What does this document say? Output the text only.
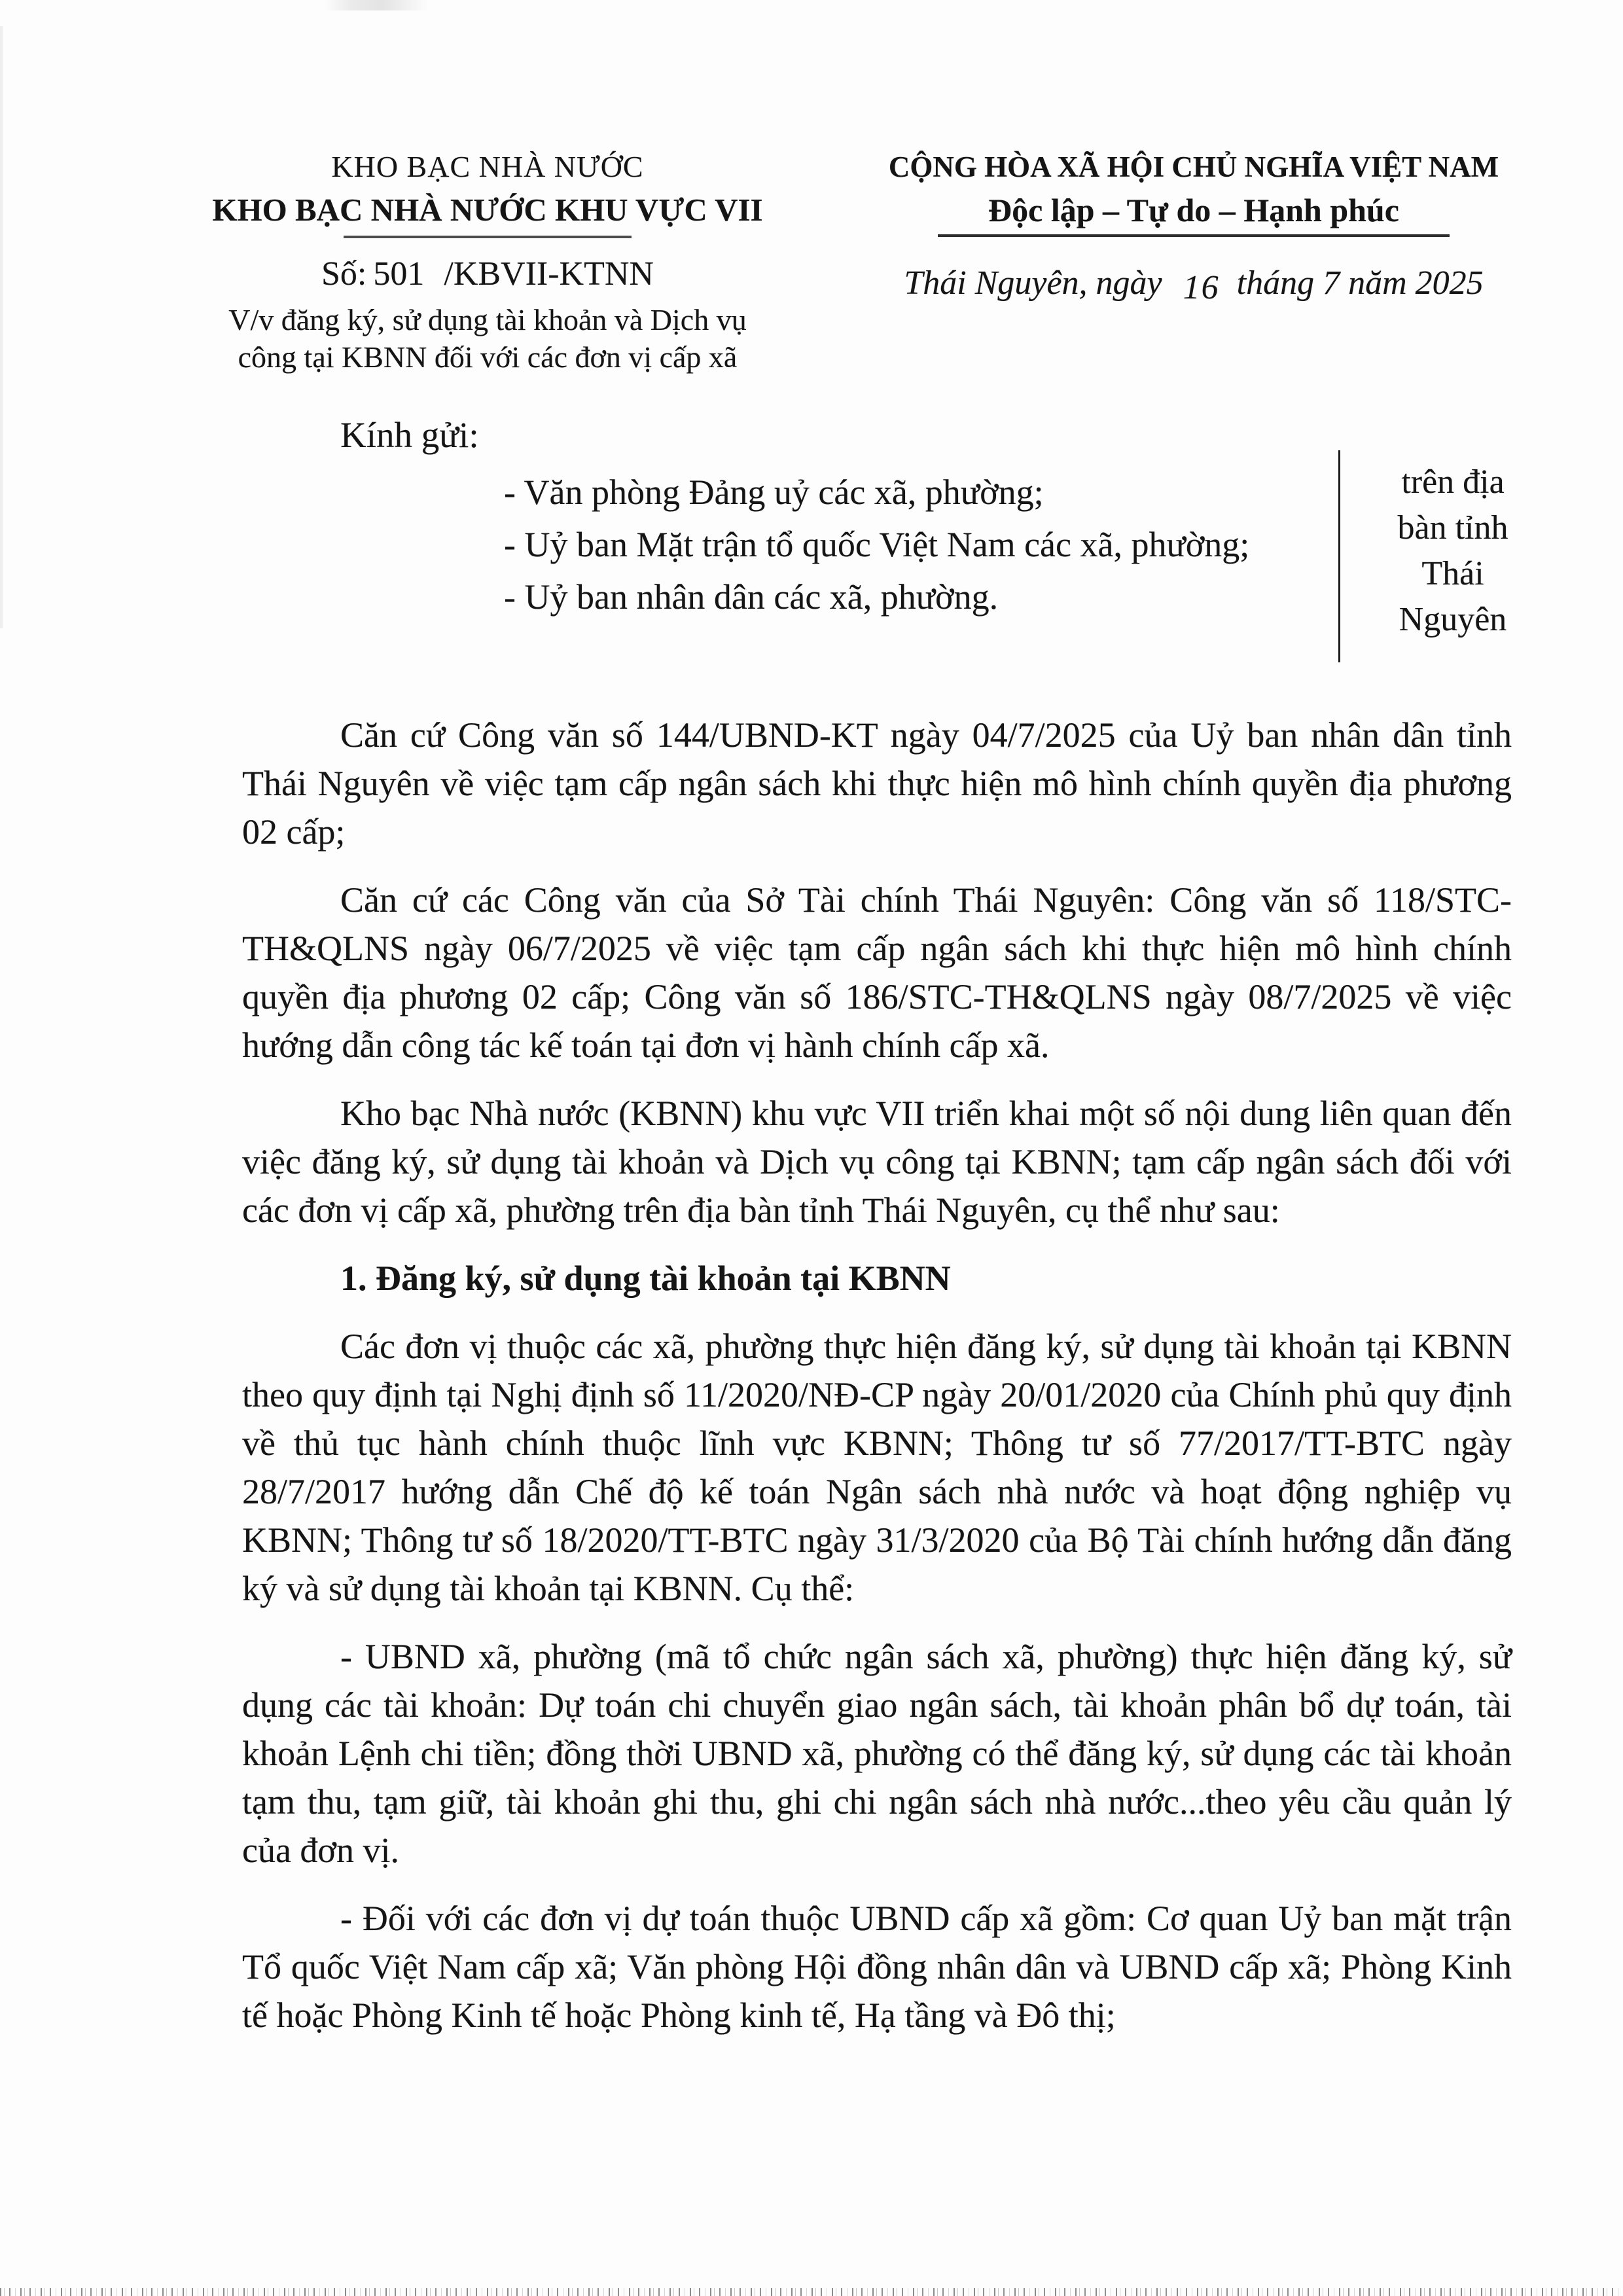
KHO BẠC NHÀ NƯỚC
KHO BẠC NHÀ NƯỚC KHU VỰC VII
Số: 501 /KBVII-KTNN
V/v đăng ký, sử dụng tài khoản và Dịch vụ
công tại KBNN đối với các đơn vị cấp xã
CỘNG HÒA XÃ HỘI CHỦ NGHĨA VIỆT NAM
Độc lập – Tự do – Hạnh phúc
Thái Nguyên, ngày 16 tháng 7 năm 2025
Kính gửi:
- Văn phòng Đảng uỷ các xã, phường;
- Uỷ ban Mặt trận tổ quốc Việt Nam các xã, phường;
- Uỷ ban nhân dân các xã, phường.
trên địa
bàn tỉnh
Thái
Nguyên

Căn cứ Công văn số 144/UBND-KT ngày 04/7/2025 của Uỷ ban nhân dân tỉnh Thái Nguyên về việc tạm cấp ngân sách khi thực hiện mô hình chính quyền địa phương 02 cấp;

Căn cứ các Công văn của Sở Tài chính Thái Nguyên: Công văn số 118/STC-TH&QLNS ngày 06/7/2025 về việc tạm cấp ngân sách khi thực hiện mô hình chính quyền địa phương 02 cấp; Công văn số 186/STC-TH&QLNS ngày 08/7/2025 về việc hướng dẫn công tác kế toán tại đơn vị hành chính cấp xã.

Kho bạc Nhà nước (KBNN) khu vực VII triển khai một số nội dung liên quan đến việc đăng ký, sử dụng tài khoản và Dịch vụ công tại KBNN; tạm cấp ngân sách đối với các đơn vị cấp xã, phường trên địa bàn tỉnh Thái Nguyên, cụ thể như sau:

1. Đăng ký, sử dụng tài khoản tại KBNN

Các đơn vị thuộc các xã, phường thực hiện đăng ký, sử dụng tài khoản tại KBNN theo quy định tại Nghị định số 11/2020/NĐ-CP ngày 20/01/2020 của Chính phủ quy định về thủ tục hành chính thuộc lĩnh vực KBNN; Thông tư số 77/2017/TT-BTC ngày 28/7/2017 hướng dẫn Chế độ kế toán Ngân sách nhà nước và hoạt động nghiệp vụ KBNN; Thông tư số 18/2020/TT-BTC ngày 31/3/2020 của Bộ Tài chính hướng dẫn đăng ký và sử dụng tài khoản tại KBNN. Cụ thể:

- UBND xã, phường (mã tổ chức ngân sách xã, phường) thực hiện đăng ký, sử dụng các tài khoản: Dự toán chi chuyển giao ngân sách, tài khoản phân bổ dự toán, tài khoản Lệnh chi tiền; đồng thời UBND xã, phường có thể đăng ký, sử dụng các tài khoản tạm thu, tạm giữ, tài khoản ghi thu, ghi chi ngân sách nhà nước...theo yêu cầu quản lý của đơn vị.

- Đối với các đơn vị dự toán thuộc UBND cấp xã gồm: Cơ quan Uỷ ban mặt trận Tổ quốc Việt Nam cấp xã; Văn phòng Hội đồng nhân dân và UBND cấp xã; Phòng Kinh tế hoặc Phòng Kinh tế hoặc Phòng kinh tế, Hạ tầng và Đô thị;
